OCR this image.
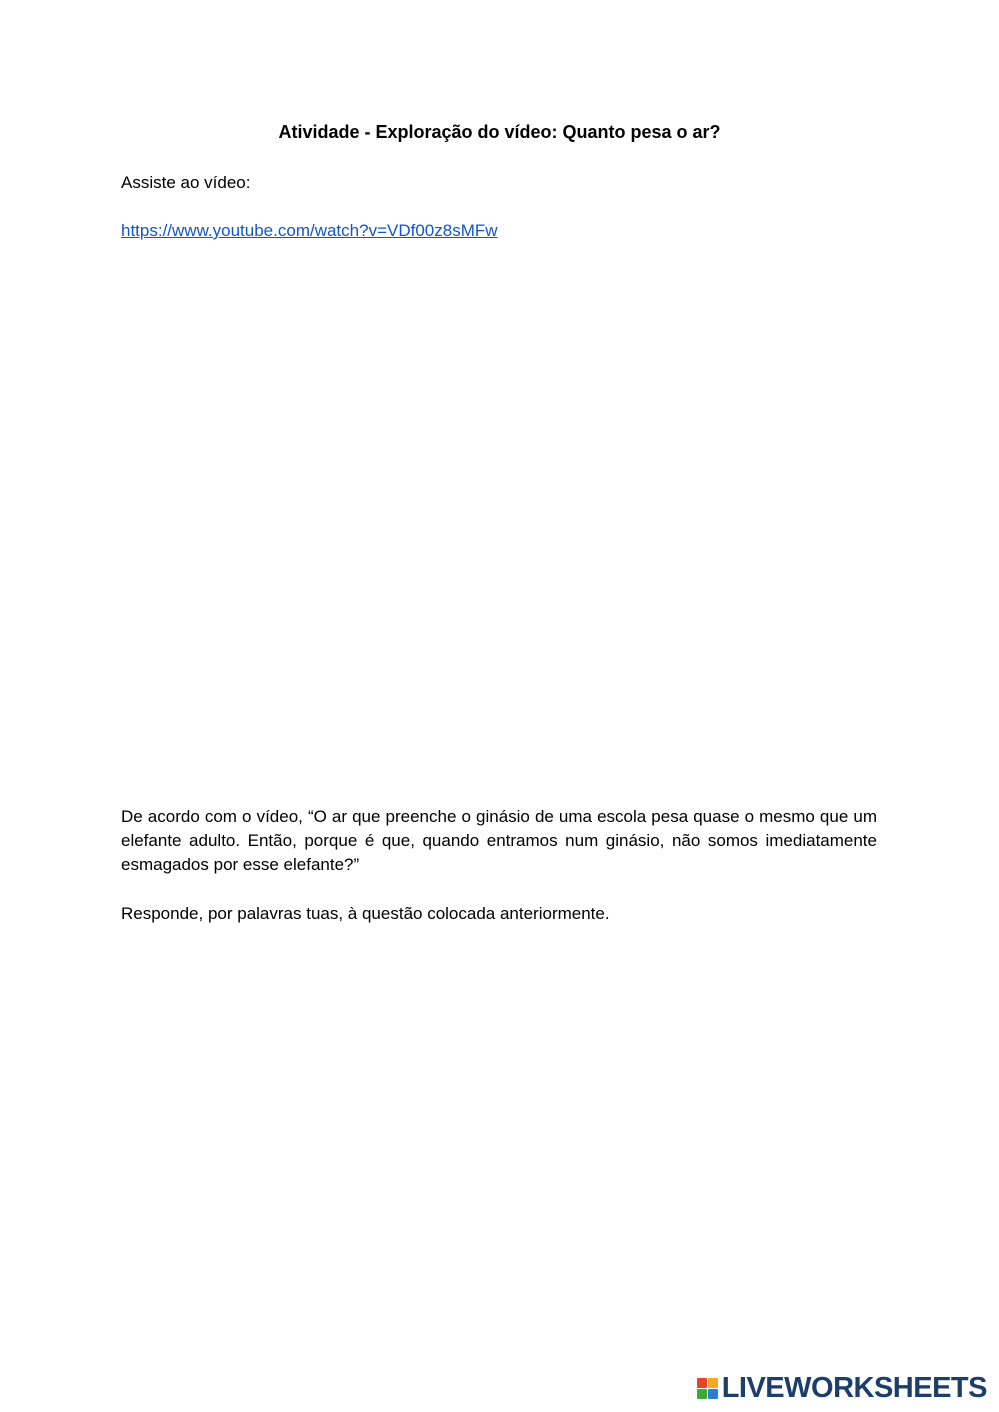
Atividade - Exploração do vídeo: Quanto pesa o ar?
Assiste ao vídeo:
https://www.youtube.com/watch?v=VDf00z8sMFw
De acordo com o vídeo, “O ar que preenche o ginásio de uma escola pesa quase o mesmo que um elefante adulto. Então, porque é que, quando entramos num ginásio, não somos imediatamente esmagados por esse elefante?”
Responde, por palavras tuas, à questão colocada anteriormente.
LIVEWORKSHEETS
